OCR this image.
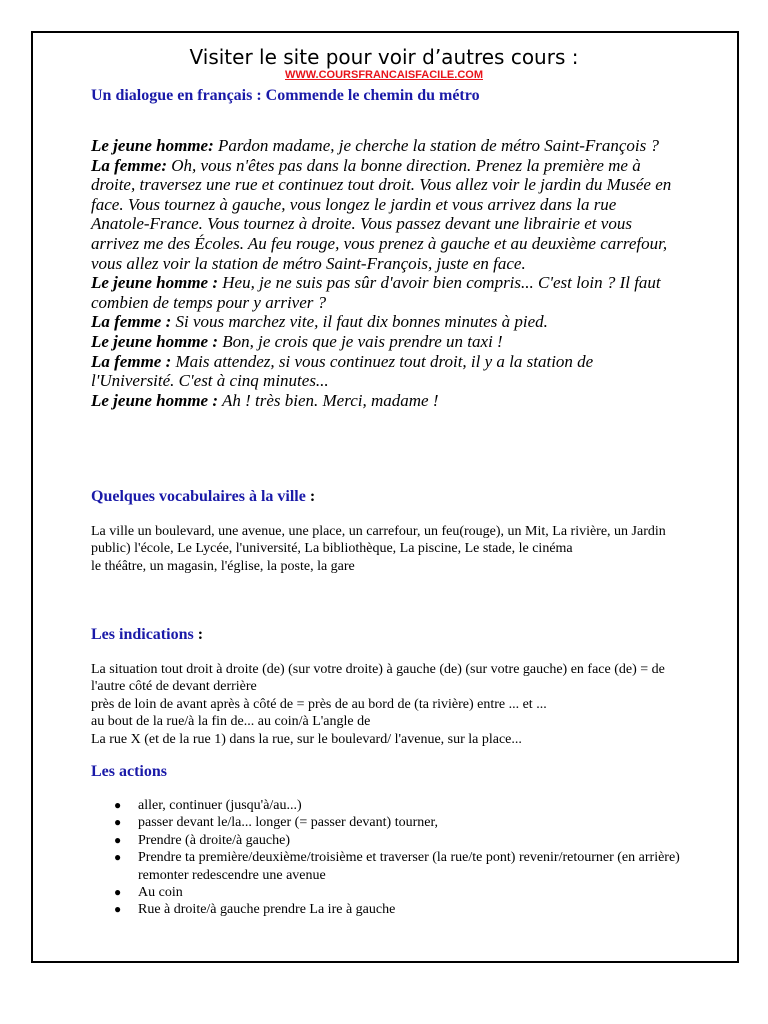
Visiter le site pour voir d’autres cours :
WWW.COURSFRANCAISFACILE.COM
Un dialogue en français : Commende le chemin du métro

Le jeune homme: Pardon madame, je cherche la station de métro Saint-François ?

La femme: Oh, vous n'êtes pas dans la bonne direction. Prenez la première me à droite, traversez une rue et continuez tout droit. Vous allez voir le jardin du Musée en face. Vous tournez à gauche, vous longez le jardin et vous arrivez dans la rue Anatole-France. Vous tournez à droite. Vous passez devant une librairie et vous arrivez me des Écoles. Au feu rouge, vous prenez à gauche et au deuxième carrefour, vous allez voir la station de métro Saint-François, juste en face.

Le jeune homme : Heu, je ne suis pas sûr d'avoir bien compris... C'est loin ? Il faut combien de temps pour y arriver ?

La femme : Si vous marchez vite, il faut dix bonnes minutes à pied.

Le jeune homme : Bon, je crois que je vais prendre un taxi !

La femme : Mais attendez, si vous continuez tout droit, il y a la station de l'Université. C'est à cinq minutes...

Le jeune homme : Ah ! très bien. Merci, madame !

Quelques vocabulaires à la ville :

La ville un boulevard, une avenue, une place, un carrefour, un feu(rouge), un Mit, La rivière, un Jardin public) l'école, Le Lycée, l'université, La bibliothèque, La piscine, Le stade, le cinéma

le théâtre, un magasin, l'église, la poste, la gare

Les indications :

La situation tout droit à droite (de) (sur votre droite) à gauche (de) (sur votre gauche) en face (de) = de l'autre côté de devant derrière

près de loin de avant après à côté de = près de au bord de (ta rivière) entre ... et ...

au bout de la rue/à la fin de... au coin/à L'angle de

La rue X (et de la rue 1) dans la rue, sur le boulevard/ l'avenue, sur la place...

Les actions
● aller, continuer (jusqu'à/au...)
● passer devant le/la... longer (= passer devant) tourner,
● Prendre (à droite/à gauche)
● Prendre ta première/deuxième/troisième et traverser (la rue/te pont) revenir/retourner (en arrière) remonter redescendre une avenue
● Au coin
● Rue à droite/à gauche prendre La ire à gauche
